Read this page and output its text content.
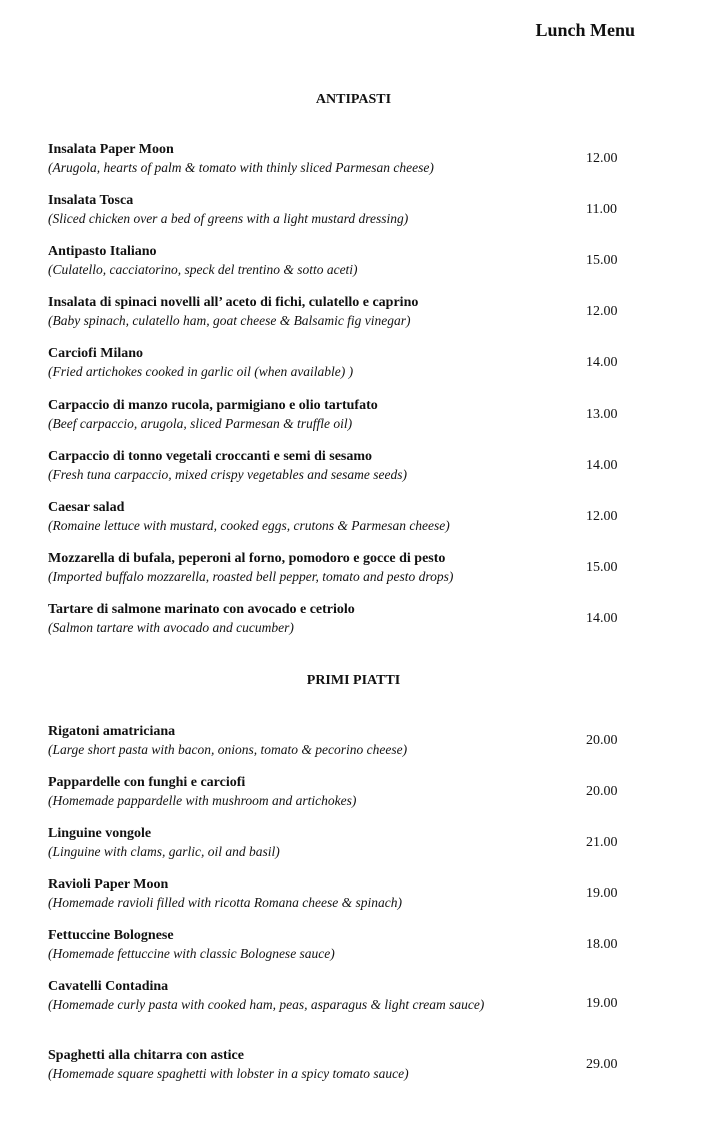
Lunch Menu
ANTIPASTI
Insalata Paper Moon
(Arugola, hearts of palm & tomato with thinly sliced Parmesan cheese)
12.00
Insalata Tosca
(Sliced chicken over a bed of greens with a light mustard dressing)
11.00
Antipasto Italiano
(Culatello, cacciatorino, speck del trentino & sotto aceti)
15.00
Insalata di spinaci novelli all’ aceto di fichi, culatello e caprino
(Baby spinach, culatello ham, goat cheese & Balsamic fig vinegar)
12.00
Carciofi Milano
(Fried artichokes cooked in garlic oil (when available) )
14.00
Carpaccio di manzo rucola, parmigiano e olio tartufato
(Beef carpaccio, arugola, sliced Parmesan & truffle oil)
13.00
Carpaccio di tonno vegetali croccanti e semi di sesamo
(Fresh tuna carpaccio, mixed crispy vegetables and sesame seeds)
14.00
Caesar salad
(Romaine lettuce with mustard, cooked eggs, crutons & Parmesan cheese)
12.00
Mozzarella di bufala, peperoni al forno, pomodoro e gocce di pesto
(Imported buffalo mozzarella, roasted bell pepper, tomato and pesto drops)
15.00
Tartare di salmone marinato con avocado e cetriolo
(Salmon tartare with avocado and cucumber)
14.00
PRIMI PIATTI
Rigatoni amatriciana
(Large short pasta with bacon, onions, tomato & pecorino cheese)
20.00
Pappardelle con funghi e carciofi
(Homemade pappardelle with mushroom and artichokes)
20.00
Linguine vongole
(Linguine with clams, garlic, oil and basil)
21.00
Ravioli Paper Moon
(Homemade ravioli filled with ricotta Romana cheese & spinach)
19.00
Fettuccine Bolognese
(Homemade fettuccine with classic Bolognese sauce)
18.00
Cavatelli Contadina
(Homemade curly pasta with cooked ham, peas, asparagus & light cream sauce)	19.00
Spaghetti alla chitarra con astice
(Homemade square spaghetti with lobster in a spicy tomato sauce)
29.00
